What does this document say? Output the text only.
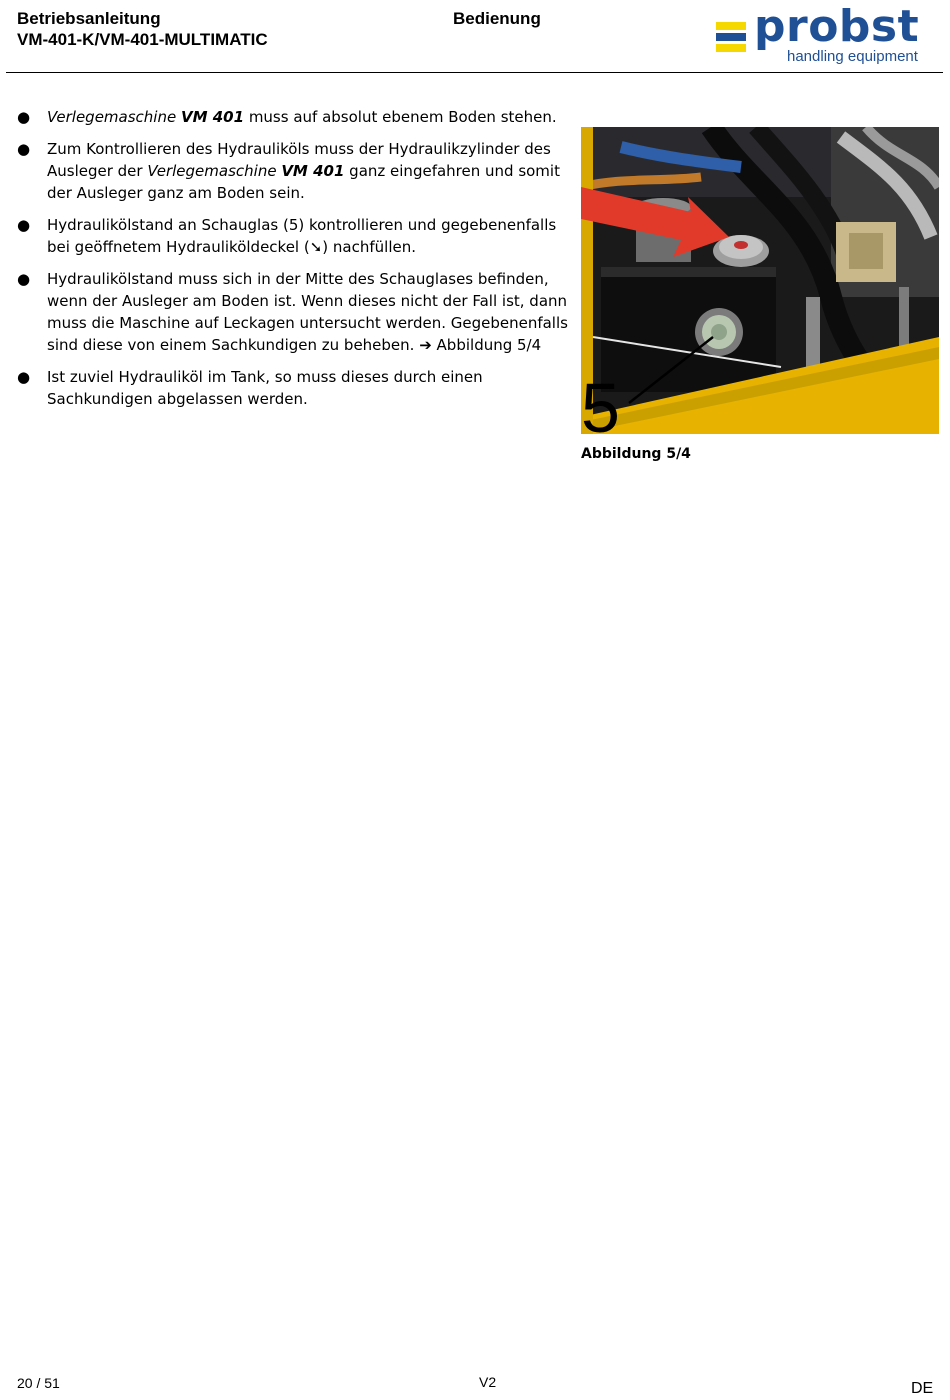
Betriebsanleitung
VM-401-K/VM-401-MULTIMATIC
Bedienung	probst
handling equipment
● Verlegemaschine VM 401 muss auf absolut ebenem Boden stehen.
● Zum Kontrollieren des Hydrauliköls muss der Hydraulikzylinder des Ausleger der Verlegemaschine VM 401 ganz eingefahren und somit der Ausleger ganz am Boden sein.
● Hydraulikölstand an Schauglas (5) kontrollieren und gegebenenfalls bei geöffnetem Hydrauliköldeckel (➘) nachfüllen.
● Hydraulikölstand muss sich in der Mitte des Schauglases befinden, wenn der Ausleger am Boden ist. Wenn dieses nicht der Fall ist, dann muss die Maschine auf Leckagen untersucht werden. Gegebenenfalls sind diese von einem Sachkundigen zu beheben. ➔ Abbildung 5/4
● Ist zuviel Hydrauliköl im Tank, so muss dieses durch einen Sachkundigen abgelassen werden.	5
Abbildung 5/4
20 / 51	V2	DE
